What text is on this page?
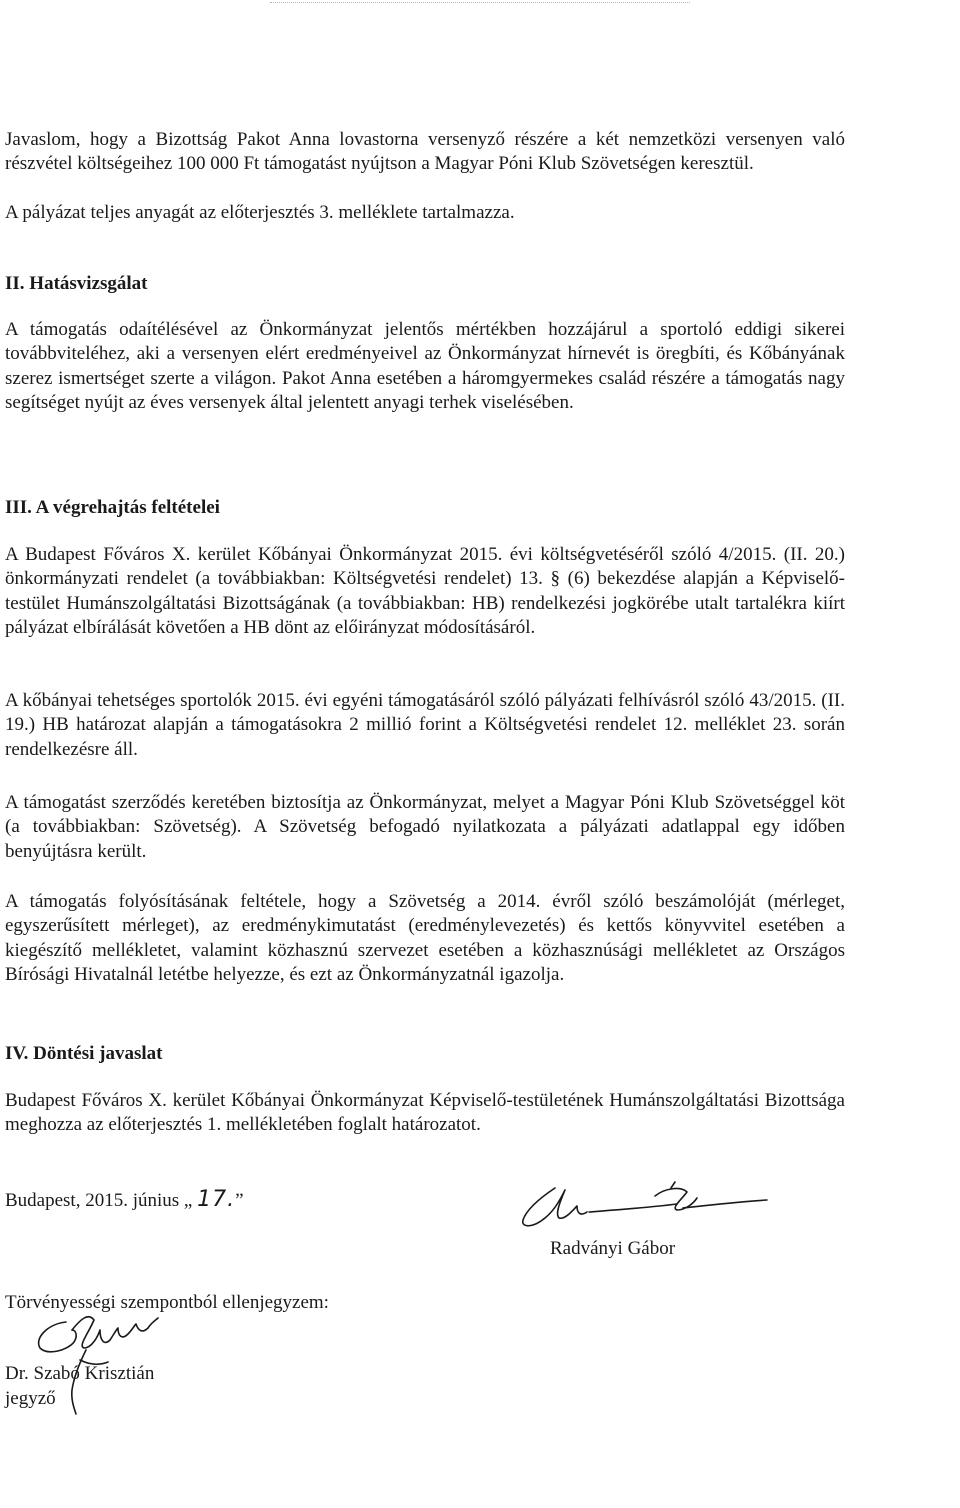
Javaslom, hogy a Bizottság Pakot Anna lovastorna versenyző részére a két nemzetközi versenyen való részvétel költségeihez 100 000 Ft támogatást nyújtson a Magyar Póni Klub Szövetségen keresztül.

A pályázat teljes anyagát az előterjesztés 3. melléklete tartalmazza.

II. Hatásvizsgálat

A támogatás odaítélésével az Önkormányzat jelentős mértékben hozzájárul a sportoló eddigi sikerei továbbviteléhez, aki a versenyen elért eredményeivel az Önkormányzat hírnevét is öregbíti, és Kőbányának szerez ismertséget szerte a világon. Pakot Anna esetében a háromgyermekes család részére a támogatás nagy segítséget nyújt az éves versenyek által jelentett anyagi terhek viselésében.

III. A végrehajtás feltételei

A Budapest Főváros X. kerület Kőbányai Önkormányzat 2015. évi költségvetéséről szóló 4/2015. (II. 20.) önkormányzati rendelet (a továbbiakban: Költségvetési rendelet) 13. § (6) bekezdése alapján a Képviselő-testület Humánszolgáltatási Bizottságának (a továbbiakban: HB) rendelkezési jogkörébe utalt tartalékra kiírt pályázat elbírálását követően a HB dönt az előirányzat módosításáról.

A kőbányai tehetséges sportolók 2015. évi egyéni támogatásáról szóló pályázati felhívásról szóló 43/2015. (II. 19.) HB határozat alapján a támogatásokra 2 millió forint a Költségvetési rendelet 12. melléklet 23. során rendelkezésre áll.

A támogatást szerződés keretében biztosítja az Önkormányzat, melyet a Magyar Póni Klub Szövetséggel köt (a továbbiakban: Szövetség). A Szövetség befogadó nyilatkozata a pályázati adatlappal egy időben benyújtásra került.

A támogatás folyósításának feltétele, hogy a Szövetség a 2014. évről szóló beszámolóját (mérleget, egyszerűsített mérleget), az eredménykimutatást (eredménylevezetés) és kettős könyvvitel esetében a kiegészítő mellékletet, valamint közhasznú szervezet esetében a közhasznúsági mellékletet az Országos Bírósági Hivatalnál letétbe helyezze, és ezt az Önkormányzatnál igazolja.

IV. Döntési javaslat

Budapest Főváros X. kerület Kőbányai Önkormányzat Képviselő-testületének Humánszolgáltatási Bizottsága meghozza az előterjesztés 1. mellékletében foglalt határozatot.

Budapest, 2015. június „ 17.”
Radványi Gábor
Törvényességi szempontból ellenjegyzem:
Dr. Szabó Krisztián
jegyző
